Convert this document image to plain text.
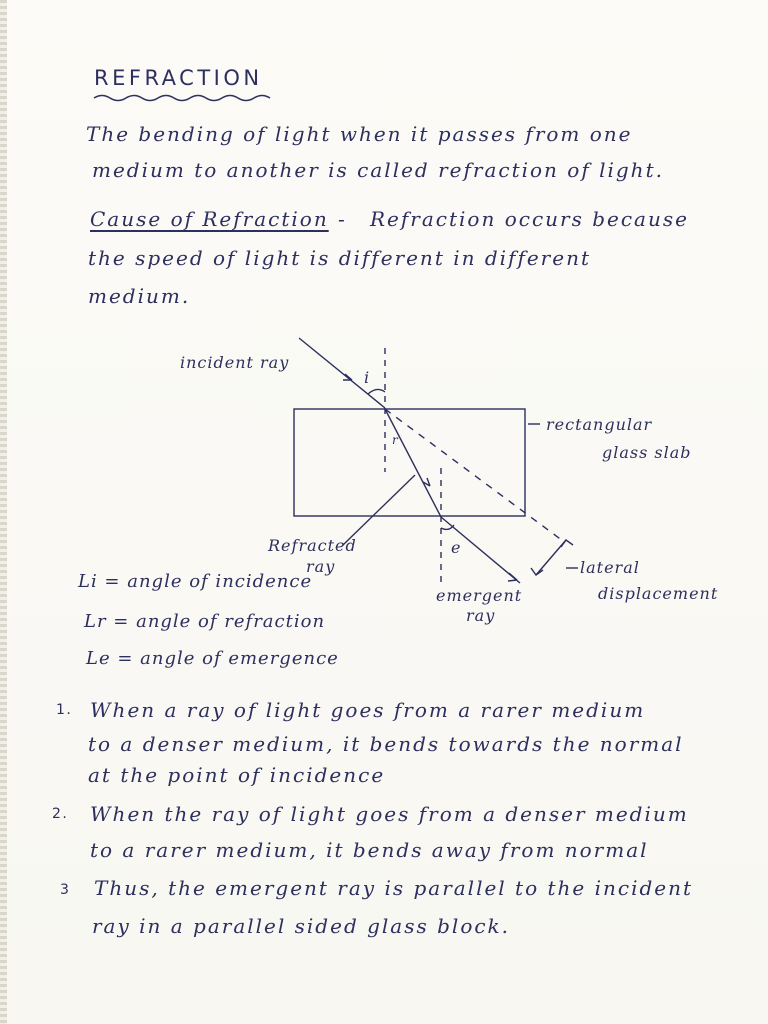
REFRACTION
The bending of light when it passes from one
medium to another is called refraction of light.
Cause of Refraction - Refraction occurs because
the speed of light is different in different
medium.
incident ray
i
r
rectangular
glass slab
e
Refracted
ray
emergent
ray
lateral
displacement
Li = angle of incidence
Lr = angle of refraction
Le = angle of emergence
1. When a ray of light goes from a rarer medium
to a denser medium, it bends towards the normal
at the point of incidence
2. When the ray of light goes from a denser medium
to a rarer medium, it bends away from normal
3 Thus, the emergent ray is parallel to the incident
ray in a parallel sided glass block.
